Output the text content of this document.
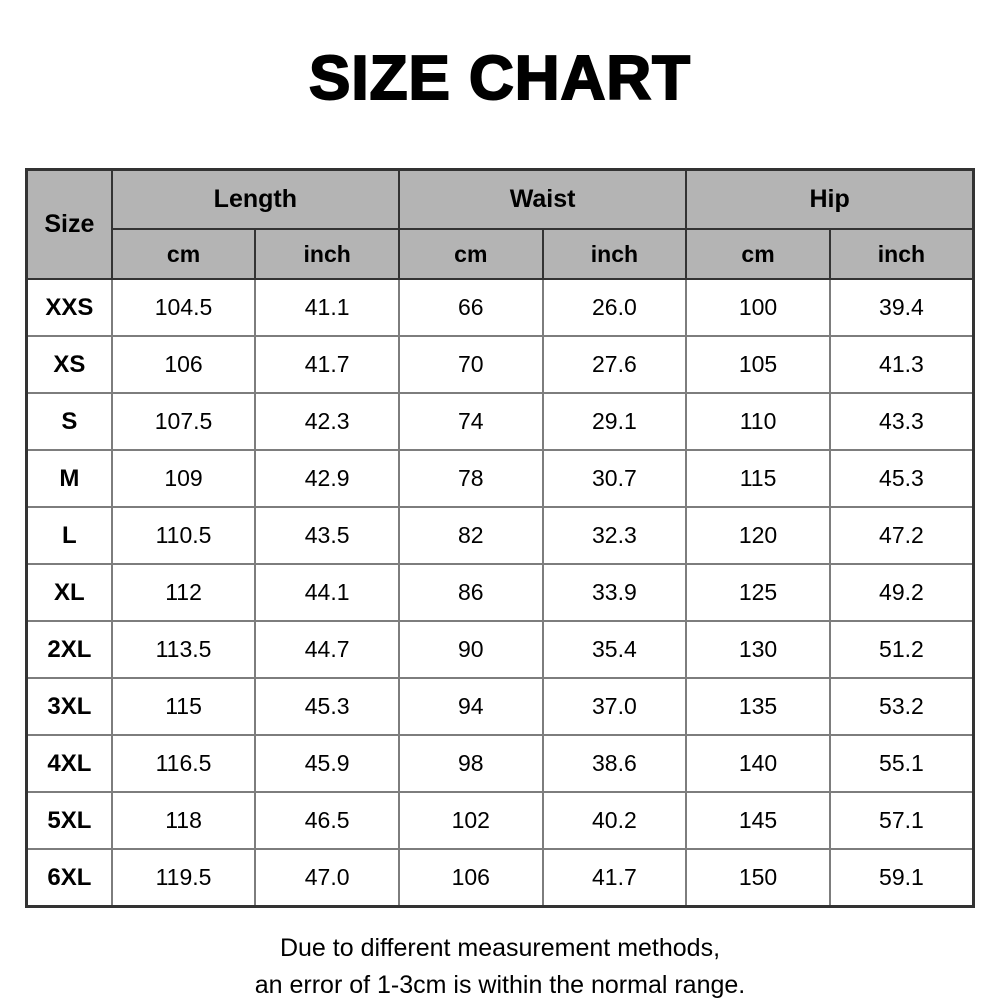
SIZE CHART
Size	Length		Waist		Hip	
	cm	inch	cm	inch	cm	inch
XXS	104.5	41.1	66	26.0	100	39.4
XS	106	41.7	70	27.6	105	41.3
S	107.5	42.3	74	29.1	110	43.3
M	109	42.9	78	30.7	115	45.3
L	110.5	43.5	82	32.3	120	47.2
XL	112	44.1	86	33.9	125	49.2
2XL	113.5	44.7	90	35.4	130	51.2
3XL	115	45.3	94	37.0	135	53.2
4XL	116.5	45.9	98	38.6	140	55.1
5XL	118	46.5	102	40.2	145	57.1
6XL	119.5	47.0	106	41.7	150	59.1
Due to different measurement methods,
an error of 1-3cm is within the normal range.
